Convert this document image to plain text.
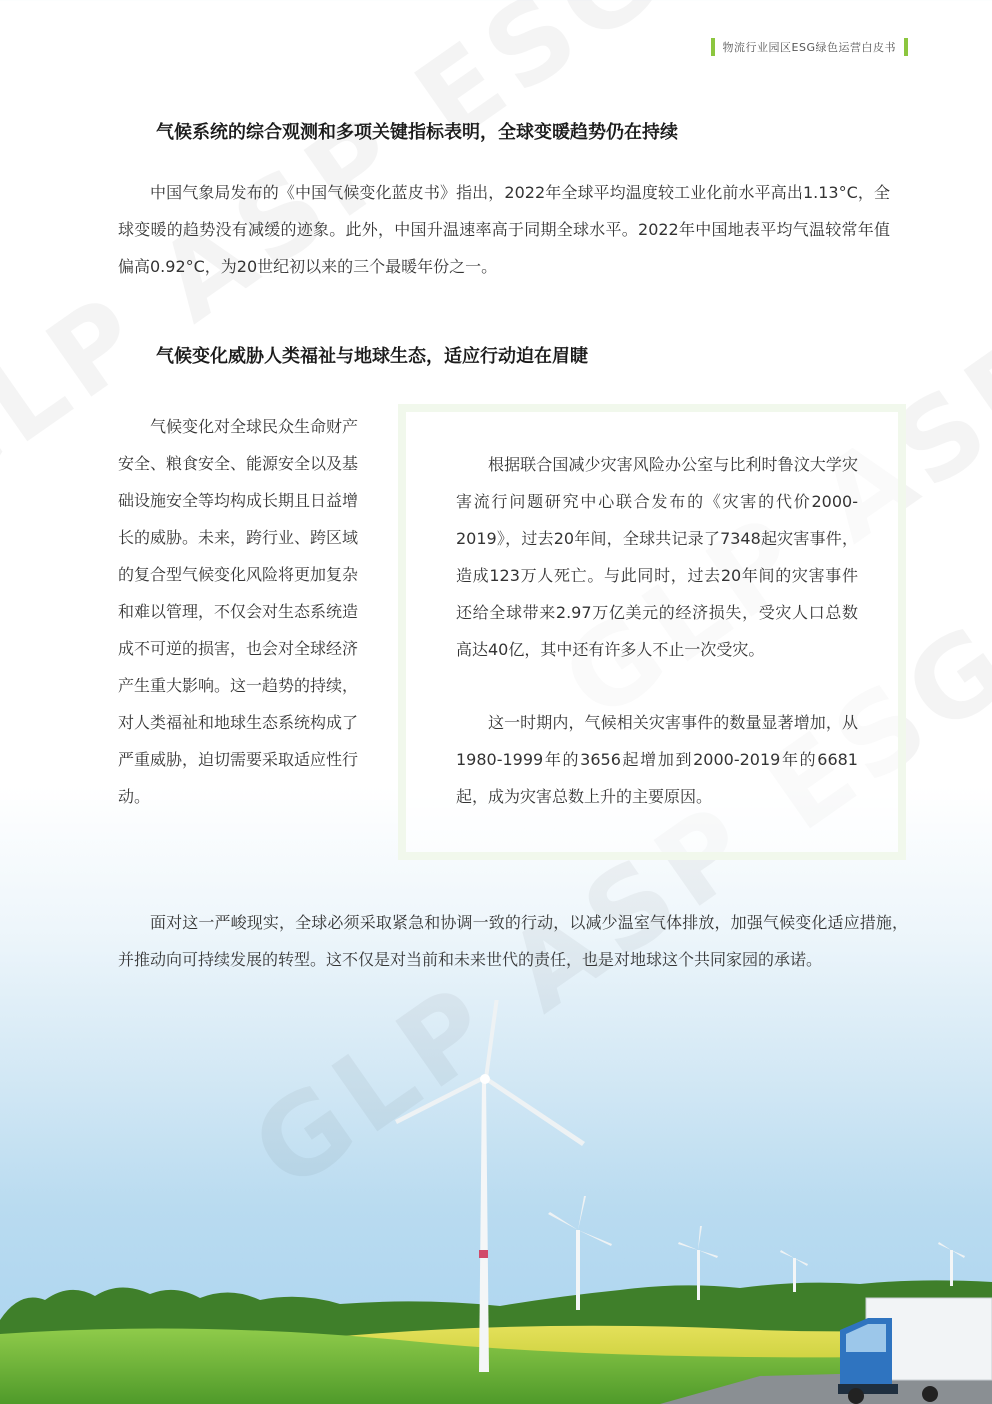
物流行业园区ESG绿色运营白皮书
气候系统的综合观测和多项关键指标表明，全球变暖趋势仍在持续
中国气象局发布的《中国气候变化蓝皮书》指出，2022年全球平均温度较工业化前水平高出1.13°C，全球变暖的趋势没有减缓的迹象。此外，中国升温速率高于同期全球水平。2022年中国地表平均气温较常年值偏高0.92°C，为20世纪初以来的三个最暖年份之一。
气候变化威胁人类福祉与地球生态，适应行动迫在眉睫
气候变化对全球民众生命财产安全、粮食安全、能源安全以及基础设施安全等均构成长期且日益增长的威胁。未来，跨行业、跨区域的复合型气候变化风险将更加复杂和难以管理，不仅会对生态系统造成不可逆的损害，也会对全球经济产生重大影响。这一趋势的持续，对人类福祉和地球生态系统构成了严重威胁，迫切需要采取适应性行动。
根据联合国减少灾害风险办公室与比利时鲁汶大学灾害流行问题研究中心联合发布的《灾害的代价2000-2019》，过去20年间，全球共记录了7348起灾害事件，造成123万人死亡。与此同时，过去20年间的灾害事件还给全球带来2.97万亿美元的经济损失，受灾人口总数高达40亿，其中还有许多人不止一次受灾。
这一时期内，气候相关灾害事件的数量显著增加，从1980-1999年的3656起增加到2000-2019年的6681起，成为灾害总数上升的主要原因。
面对这一严峻现实，全球必须采取紧急和协调一致的行动，以减少温室气体排放，加强气候变化适应措施，并推动向可持续发展的转型。这不仅是对当前和未来世代的责任，也是对地球这个共同家园的承诺。
